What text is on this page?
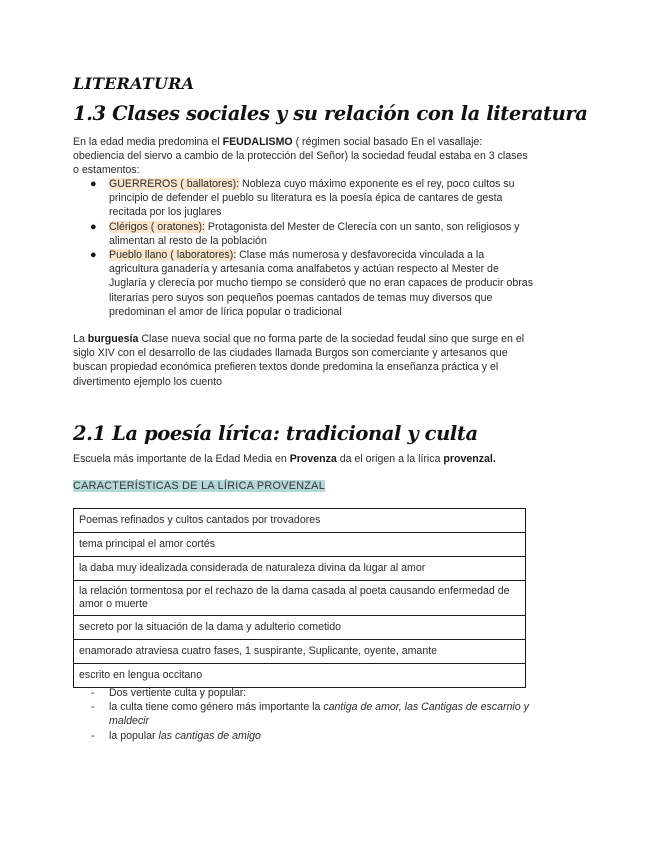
LITERATURA
1.3 Clases sociales y su relación con la literatura

En la edad media predomina el FEUDALISMO ( régimen social basado En el vasallaje: obediencia del siervo a cambio de la protección del Señor) la sociedad feudal estaba en 3 clases o estamentos:

● GUERREROS ( ballatores): Nobleza cuyo máximo exponente es el rey, poco cultos su principio de defender el pueblo su literatura es la poesía épica de cantares de gesta recitada por los juglares
● Clérigos ( oratones): Protagonista del Mester de Clerecía con un santo, son religiosos y alimentan al resto de la población
● Pueblo llano ( laboratores): Clase más numerosa y desfavorecida vinculada a la agricultura ganadería y artesanía coma analfabetos y actúan respecto al Mester de Juglaría y clerecía por mucho tiempo se consideró que no eran capaces de producir obras literarias pero suyos son pequeños poemas cantados de temas muy diversos que predominan el amor de lírica popular o tradicional

La burguesía Clase nueva social que no forma parte de la sociedad feudal sino que surge en el siglo XIV con el desarrollo de las ciudades llamada Burgos son comerciante y artesanos que buscan propiedad económica prefieren textos donde predomina la enseñanza práctica y el divertimento ejemplo los cuento

2.1 La poesía lírica: tradicional y culta

Escuela más importante de la Edad Media en Provenza da el origen a la lírica provenzal.

CARACTERÍSTICAS DE LA LÍRICA PROVENZAL
Poemas refinados y cultos cantados por trovadores
tema principal el amor cortés
la daba muy idealizada considerada de naturaleza divina da lugar al amor
la relación tormentosa por el rechazo de la dama casada al poeta causando enfermedad de amor o muerte
secreto por la situación de la dama y adulterio cometido
enamorado atraviesa cuatro fases, 1 suspirante, Suplicante, oyente, amante
escrito en lengua occitano
- Dos vertiente culta y popular:
- la culta tiene como género más importante la cantiga de amor, las Cantigas de escarnio y maldecir
- la popular las cantigas de amigo
